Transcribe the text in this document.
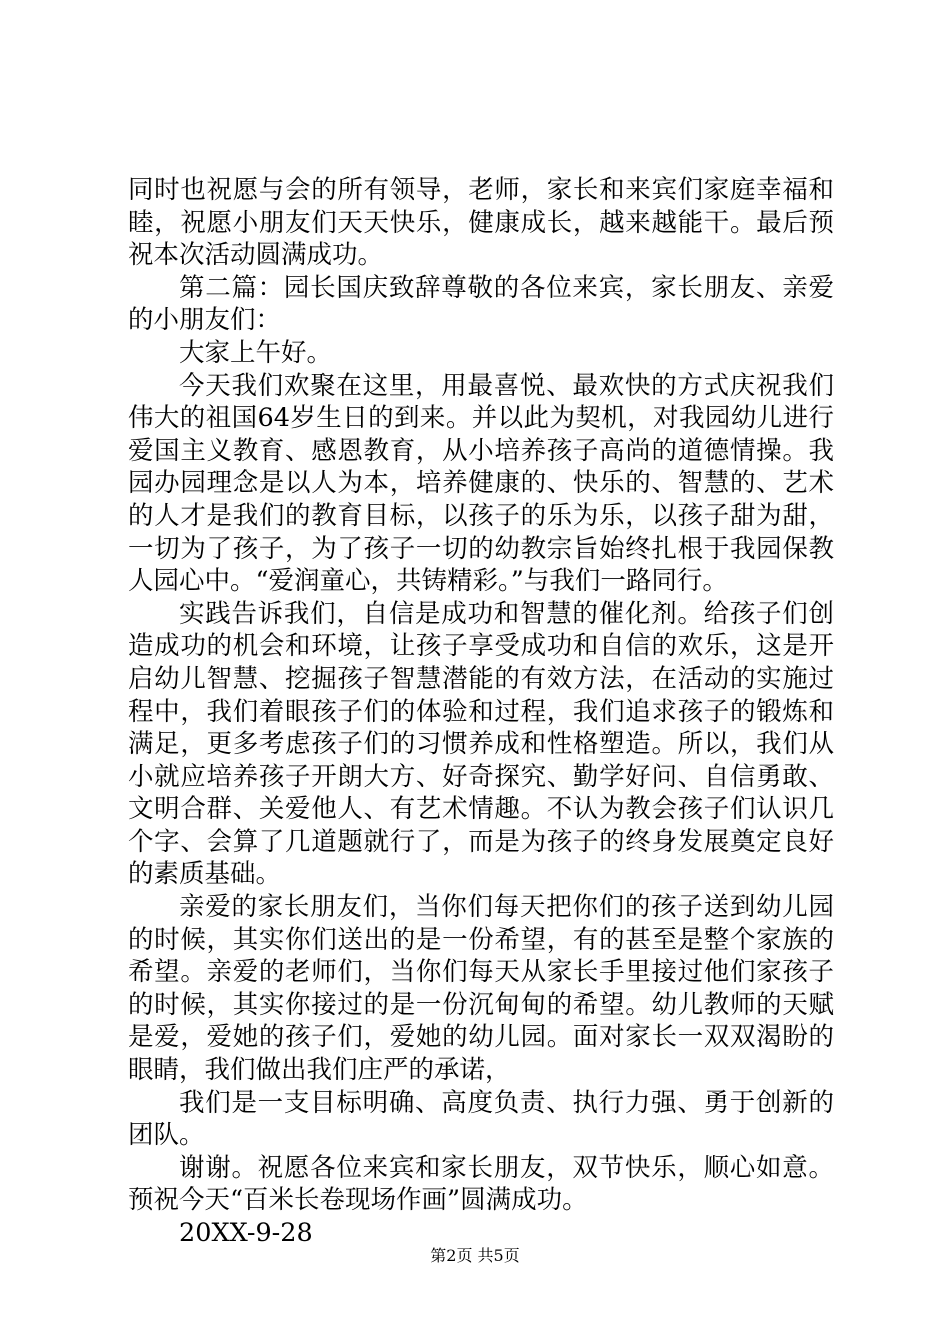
同时也祝愿与会的所有领导，老师，家长和来宾们家庭幸福和睦，祝愿小朋友们天天快乐，健康成长，越来越能干。最后预祝本次活动圆满成功。

第二篇：园长国庆致辞尊敬的各位来宾，家长朋友、亲爱的小朋友们：

大家上午好。

今天我们欢聚在这里，用最喜悦、最欢快的方式庆祝我们伟大的祖国64岁生日的到来。并以此为契机，对我园幼儿进行爱国主义教育、感恩教育，从小培养孩子高尚的道德情操。我园办园理念是以人为本，培养健康的、快乐的、智慧的、艺术的人才是我们的教育目标，以孩子的乐为乐，以孩子甜为甜，一切为了孩子，为了孩子一切的幼教宗旨始终扎根于我园保教人园心中。“爱润童心，共铸精彩。”与我们一路同行。

实践告诉我们，自信是成功和智慧的催化剂。给孩子们创造成功的机会和环境，让孩子享受成功和自信的欢乐，这是开启幼儿智慧、挖掘孩子智慧潜能的有效方法，在活动的实施过程中，我们着眼孩子们的体验和过程，我们追求孩子的锻炼和满足，更多考虑孩子们的习惯养成和性格塑造。所以，我们从小就应培养孩子开朗大方、好奇探究、勤学好问、自信勇敢、文明合群、关爱他人、有艺术情趣。不认为教会孩子们认识几个字、会算了几道题就行了，而是为孩子的终身发展奠定良好的素质基础。

亲爱的家长朋友们，当你们每天把你们的孩子送到幼儿园的时候，其实你们送出的是一份希望，有的甚至是整个家族的希望。亲爱的老师们，当你们每天从家长手里接过他们家孩子的时候，其实你接过的是一份沉甸甸的希望。幼儿教师的天赋是爱，爱她的孩子们，爱她的幼儿园。面对家长一双双渴盼的眼睛，我们做出我们庄严的承诺，

我们是一支目标明确、高度负责、执行力强、勇于创新的团队。

谢谢。祝愿各位来宾和家长朋友，双节快乐，顺心如意。预祝今天“百米长卷现场作画”圆满成功。

20XX-9-28

第2页 共5页
